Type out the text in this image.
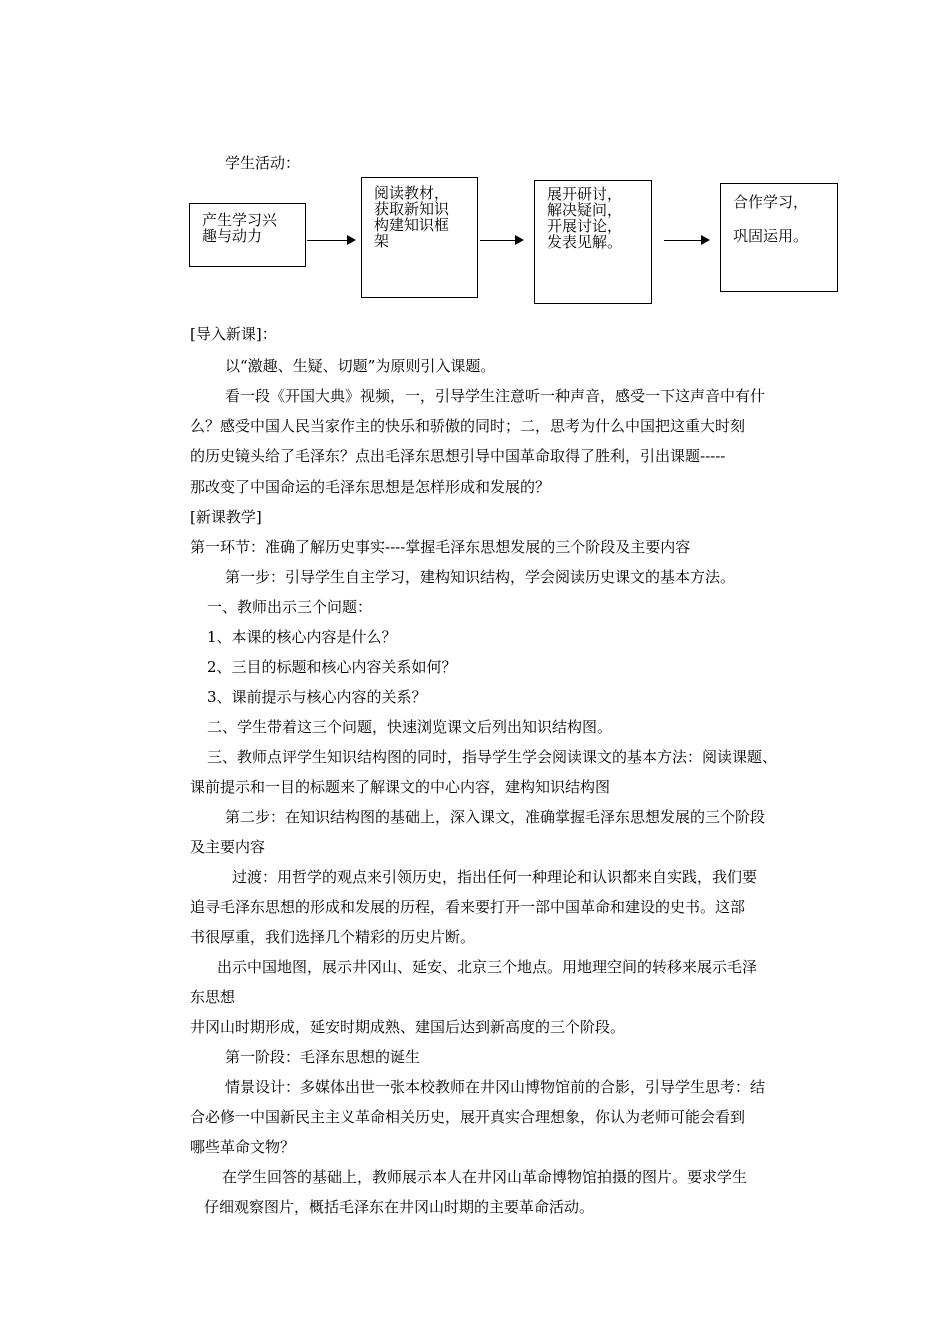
学生活动：
产生学习兴
趣与动力
阅读教材，
获取新知识
构建知识框
架
展开研讨，
解决疑问，
开展讨论，
发表见解。
合作学习，

巩固运用。
[导入新课]：
以“激趣、生疑、切题”为原则引入课题。
看一段《开国大典》视频，一，引导学生注意听一种声音，感受一下这声音中有什
么？感受中国人民当家作主的快乐和骄傲的同时；二，思考为什么中国把这重大时刻
的历史镜头给了毛泽东？点出毛泽东思想引导中国革命取得了胜利，引出课题-----
那改变了中国命运的毛泽东思想是怎样形成和发展的？
[新课教学]
第一环节：准确了解历史事实----掌握毛泽东思想发展的三个阶段及主要内容
第一步：引导学生自主学习，建构知识结构，学会阅读历史课文的基本方法。
一、教师出示三个问题：
1、本课的核心内容是什么？
2、三目的标题和核心内容关系如何？
3、课前提示与核心内容的关系？
二、学生带着这三个问题，快速浏览课文后列出知识结构图。
三、教师点评学生知识结构图的同时，指导学生学会阅读课文的基本方法：阅读课题、
课前提示和一目的标题来了解课文的中心内容，建构知识结构图
第二步：在知识结构图的基础上，深入课文，准确掌握毛泽东思想发展的三个阶段
及主要内容
过渡：用哲学的观点来引领历史，指出任何一种理论和认识都来自实践，我们要
追寻毛泽东思想的形成和发展的历程，看来要打开一部中国革命和建设的史书。这部
书很厚重，我们选择几个精彩的历史片断。
出示中国地图，展示井冈山、延安、北京三个地点。用地理空间的转移来展示毛泽
东思想
井冈山时期形成，延安时期成熟、建国后达到新高度的三个阶段。
第一阶段：毛泽东思想的诞生
情景设计：多媒体出世一张本校教师在井冈山博物馆前的合影，引导学生思考：结
合必修一中国新民主主义革命相关历史，展开真实合理想象，你认为老师可能会看到
哪些革命文物？
在学生回答的基础上，教师展示本人在井冈山革命博物馆拍摄的图片。要求学生
仔细观察图片，概括毛泽东在井冈山时期的主要革命活动。
